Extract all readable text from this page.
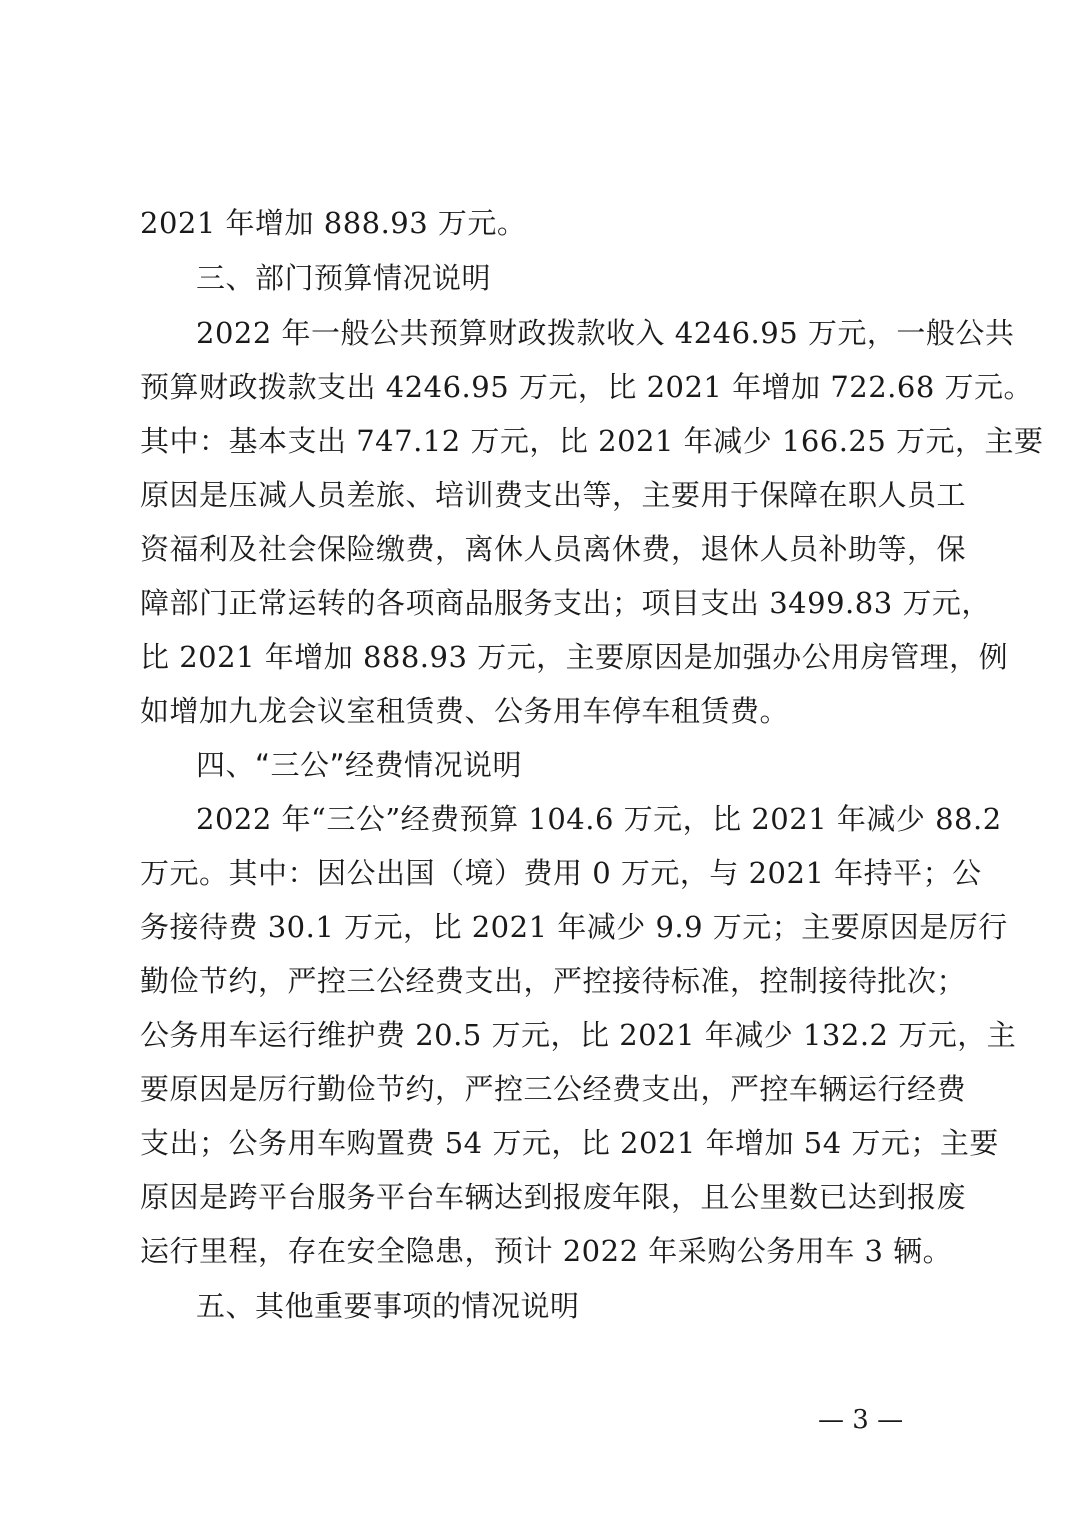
2021 年增加 888.93 万元。
三、部门预算情况说明
2022 年一般公共预算财政拨款收入 4246.95 万元，一般公共
预算财政拨款支出 4246.95 万元，比 2021 年增加 722.68 万元。
其中：基本支出 747.12 万元，比 2021 年减少 166.25 万元，主要
原因是压减人员差旅、培训费支出等，主要用于保障在职人员工
资福利及社会保险缴费，离休人员离休费，退休人员补助等，保
障部门正常运转的各项商品服务支出；项目支出 3499.83 万元，
比 2021 年增加 888.93 万元，主要原因是加强办公用房管理，例
如增加九龙会议室租赁费、公务用车停车租赁费。
四、“三公”经费情况说明
2022 年“三公”经费预算 104.6 万元，比 2021 年减少 88.2
万元。其中：因公出国（境）费用 0 万元，与 2021 年持平；公
务接待费 30.1 万元，比 2021 年减少 9.9 万元；主要原因是厉行
勤俭节约，严控三公经费支出，严控接待标准，控制接待批次；
公务用车运行维护费 20.5 万元，比 2021 年减少 132.2 万元，主
要原因是厉行勤俭节约，严控三公经费支出，严控车辆运行经费
支出；公务用车购置费 54 万元，比 2021 年增加 54 万元；主要
原因是跨平台服务平台车辆达到报废年限，且公里数已达到报废
运行里程，存在安全隐患，预计 2022 年采购公务用车 3 辆。
五、其他重要事项的情况说明
— 3 —
